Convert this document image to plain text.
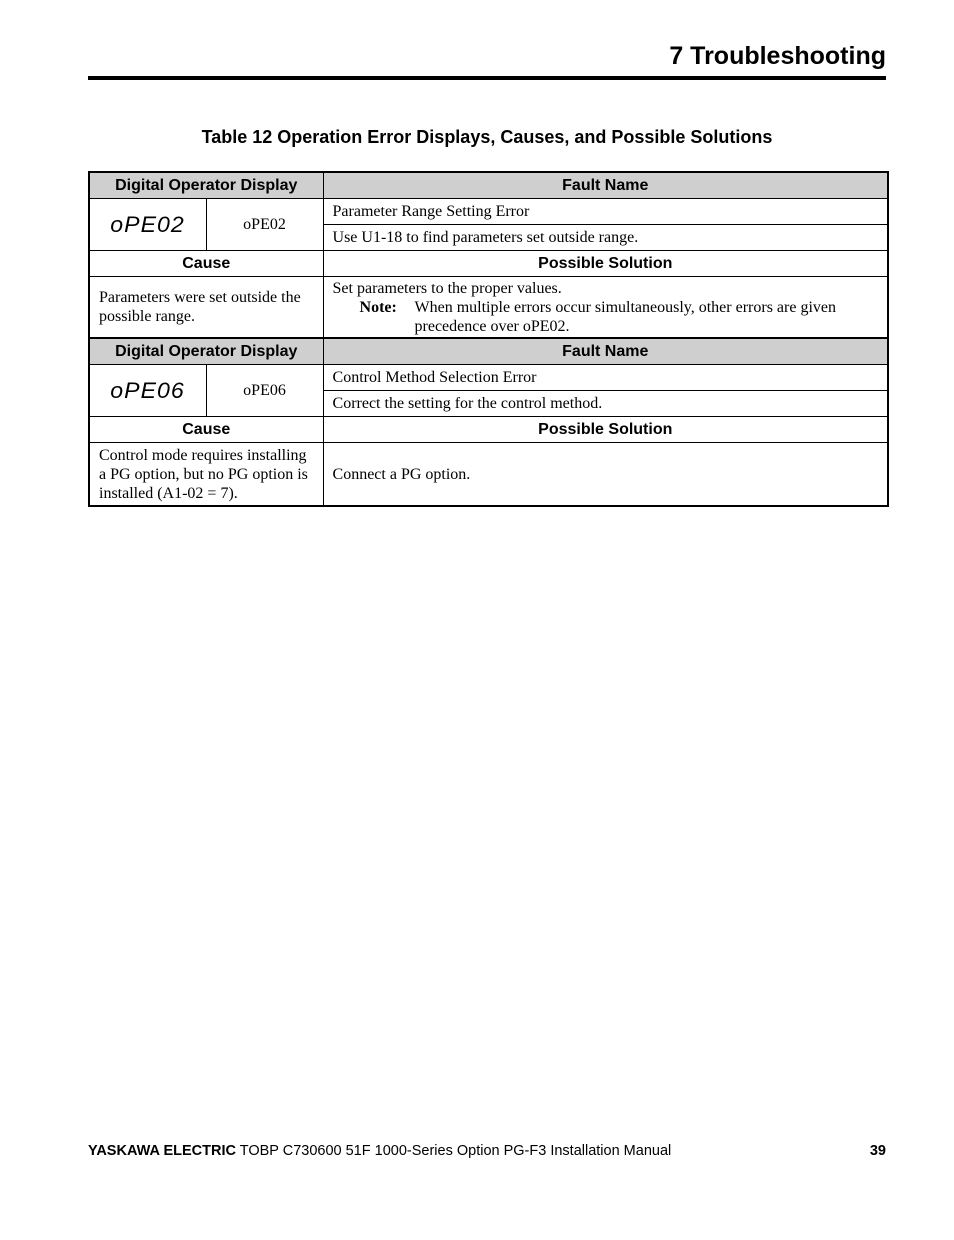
7 Troubleshooting
Table 12 Operation Error Displays, Causes, and Possible Solutions
Digital Operator Display		Fault Name
oPE02	oPE02	Parameter Range Setting Error
		Use U1-18 to find parameters set outside range.
Cause		Possible Solution
Parameters were set outside the possible range.		Set parameters to the proper values.
Note: When multiple errors occur simultaneously, other errors are given precedence over oPE02.

Digital Operator Display		Fault Name
oPE06	oPE06	Control Method Selection Error
		Correct the setting for the control method.
Cause		Possible Solution
Control mode requires installing a PG option, but no PG option is installed (A1-02 = 7).		Connect a PG option.
YASKAWA ELECTRIC TOBP C730600 51F 1000-Series Option PG-F3 Installation Manual	39
